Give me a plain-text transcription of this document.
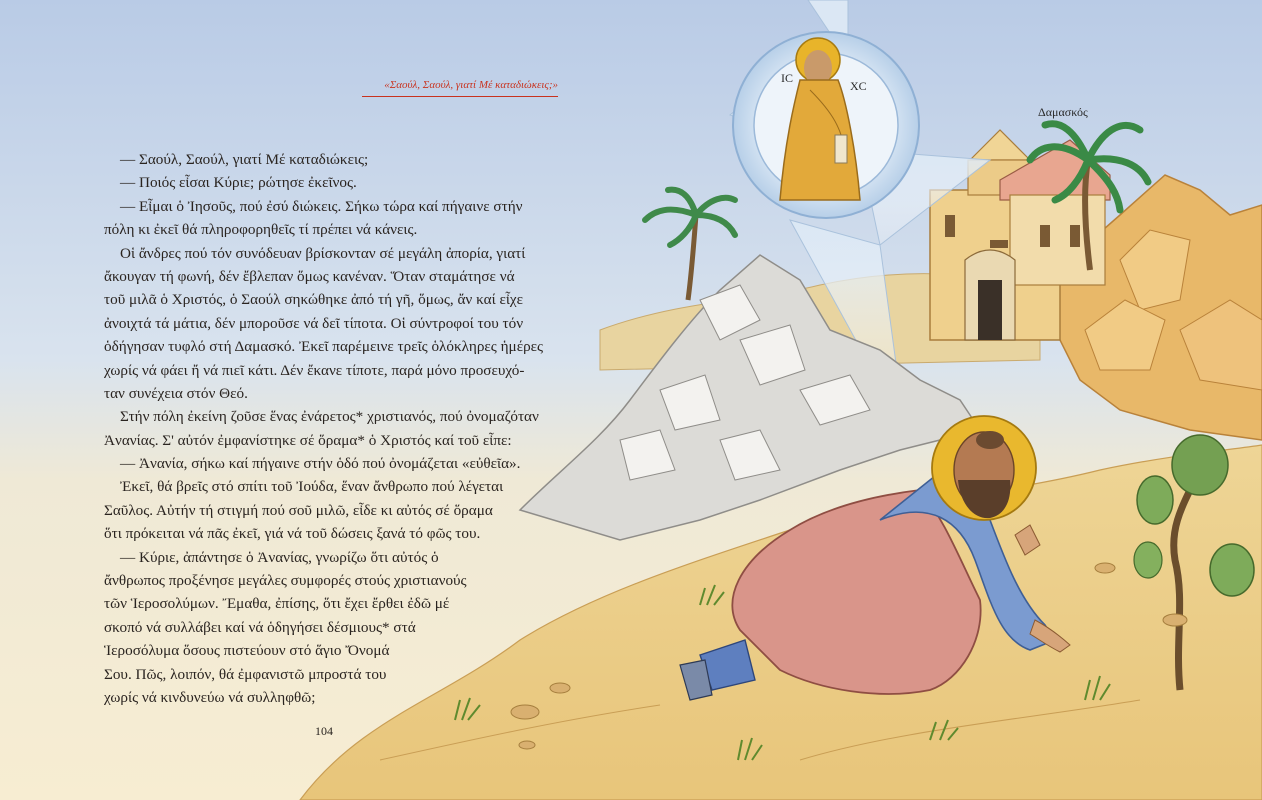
ΙC
XC
Δαμασκός
«Σαούλ, Σαούλ, γιατί Μέ καταδιώκεις;»
— Σαούλ, Σαούλ, γιατί Μέ καταδιώκεις;
— Ποιός εἶσαι Κύριε; ρώτησε ἐκεῖνος.
— Εἶμαι ὁ Ἰησοῦς, πού ἐσύ διώκεις. Σήκω τώρα καί πήγαινε στήν
πόλη κι ἐκεῖ θά πληροφορηθεῖς τί πρέπει νά κάνεις.
Οἱ ἄνδρες πού τόν συνόδευαν βρίσκονταν σέ μεγάλη ἀπορία, γιατί
ἄκουγαν τή φωνή, δέν ἔβλεπαν ὅμως κανέναν. Ὅταν σταμάτησε νά
τοῦ μιλᾶ ὁ Χριστός, ὁ Σαούλ σηκώθηκε ἀπό τή γῆ, ὅμως, ἄν καί εἶχε
ἀνοιχτά τά μάτια, δέν μποροῦσε νά δεῖ τίποτα. Οἱ σύντροφοί του τόν
ὁδήγησαν τυφλό στή Δαμασκό. Ἐκεῖ παρέμεινε τρεῖς ὁλόκληρες ἡμέρες
χωρίς νά φάει ἤ νά πιεῖ κάτι. Δέν ἔκανε τίποτε, παρά μόνο προσευχό-
ταν συνέχεια στόν Θεό.
Στήν πόλη ἐκείνη ζοῦσε ἕνας ἐνάρετος* χριστιανός, πού ὀνομαζόταν
Ἀνανίας. Σ' αὐτόν ἐμφανίστηκε σέ ὅραμα* ὁ Χριστός καί τοῦ εἶπε:
— Ἀνανία, σήκω καί πήγαινε στήν ὁδό πού ὀνομάζεται «εὐθεῖα».
Ἐκεῖ, θά βρεῖς στό σπίτι τοῦ Ἰούδα, ἕναν ἄνθρωπο πού λέγεται
Σαῦλος. Αὐτήν τή στιγμή πού σοῦ μιλῶ, εἶδε κι αὐτός σέ ὅραμα
ὅτι πρόκειται νά πᾶς ἐκεῖ, γιά νά τοῦ δώσεις ξανά τό φῶς του.
— Κύριε, ἀπάντησε ὁ Ἀνανίας, γνωρίζω ὅτι αὐτός ὁ
ἄνθρωπος προξένησε μεγάλες συμφορές στούς χριστιανούς
τῶν Ἱεροσολύμων. Ἔμαθα, ἐπίσης, ὅτι ἔχει ἔρθει ἐδῶ μέ
σκοπό νά συλλάβει καί νά ὁδηγήσει δέσμιους* στά
Ἱεροσόλυμα ὅσους πιστεύουν στό ἅγιο Ὄνομά
Σου. Πῶς, λοιπόν, θά ἐμφανιστῶ μπροστά του
χωρίς νά κινδυνεύω νά συλληφθῶ;
104
